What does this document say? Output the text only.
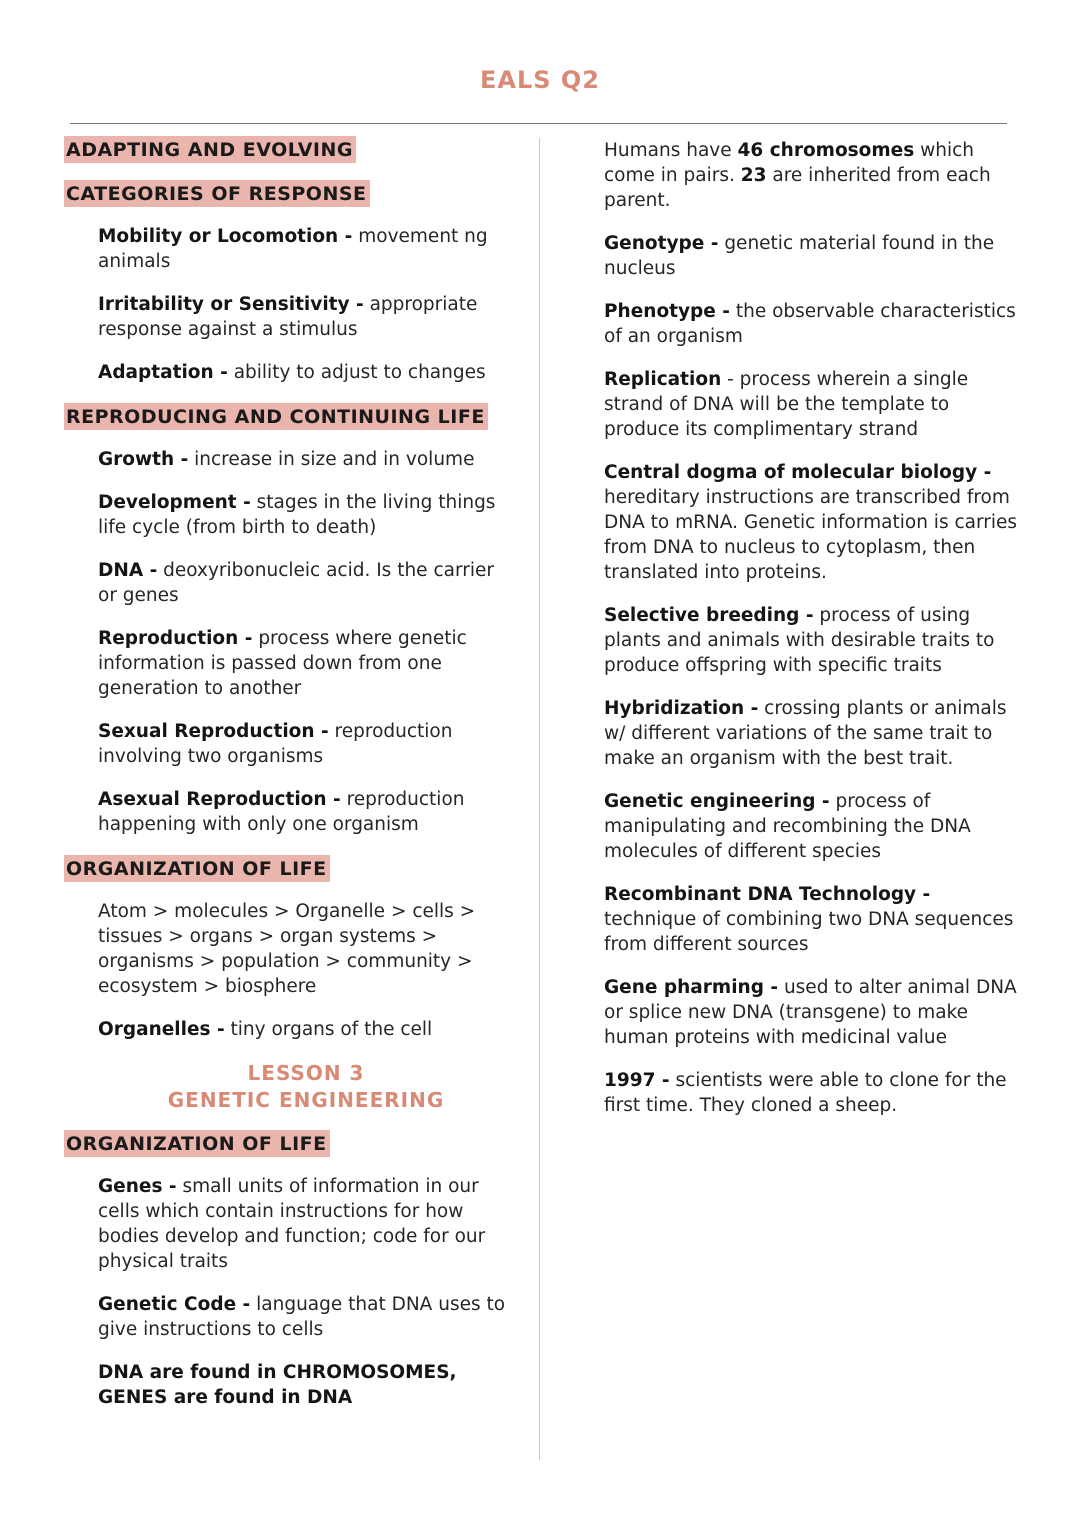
EALS Q2
ADAPTING AND EVOLVING
CATEGORIES OF RESPONSE
Mobility or Locomotion - movement ng animals
Irritability or Sensitivity - appropriate response against a stimulus
Adaptation - ability to adjust to changes
REPRODUCING AND CONTINUING LIFE
Growth - increase in size and in volume
Development - stages in the living things life cycle (from birth to death)
DNA - deoxyribonucleic acid. Is the carrier or genes
Reproduction - process where genetic information is passed down from one generation to another
Sexual Reproduction - reproduction involving two organisms
Asexual Reproduction - reproduction happening with only one organism
ORGANIZATION OF LIFE
Atom > molecules > Organelle > cells > tissues > organs > organ systems > organisms > population > community > ecosystem > biosphere
Organelles - tiny organs of the cell
LESSON 3
GENETIC ENGINEERING
ORGANIZATION OF LIFE
Genes - small units of information in our cells which contain instructions for how bodies develop and function; code for our physical traits
Genetic Code - language that DNA uses to give instructions to cells
DNA are found in CHROMOSOMES, GENES are found in DNA
Humans have 46 chromosomes which come in pairs. 23 are inherited from each parent.
Genotype - genetic material found in the nucleus
Phenotype - the observable characteristics of an organism
Replication - process wherein a single strand of DNA will be the template to produce its complimentary strand
Central dogma of molecular biology - hereditary instructions are transcribed from DNA to mRNA. Genetic information is carries from DNA to nucleus to cytoplasm, then translated into proteins.
Selective breeding - process of using plants and animals with desirable traits to produce offspring with specific traits
Hybridization - crossing plants or animals w/ different variations of the same trait to make an organism with the best trait.
Genetic engineering - process of manipulating and recombining the DNA molecules of different species
Recombinant DNA Technology - technique of combining two DNA sequences from different sources
Gene pharming - used to alter animal DNA or splice new DNA (transgene) to make human proteins with medicinal value
1997 - scientists were able to clone for the first time. They cloned a sheep.
